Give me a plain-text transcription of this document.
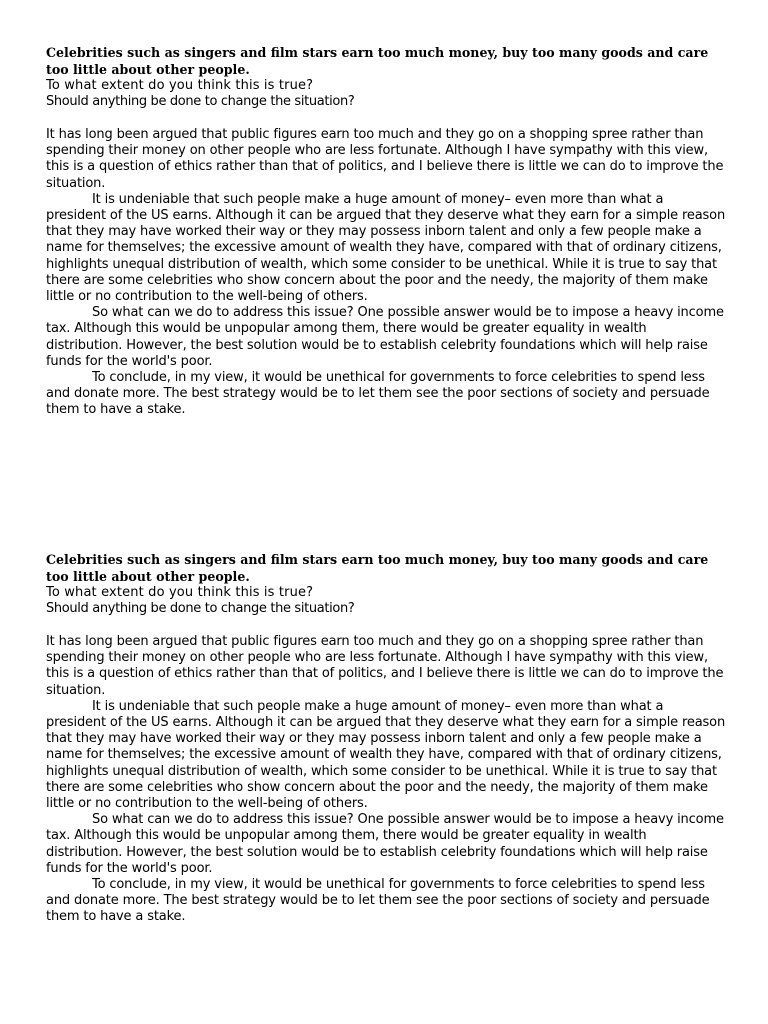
Celebrities such as singers and film stars earn too much money, buy too many goods and care too little about other people.

To what extent do you think this is true?

Should anything be done to change the situation?

It has long been argued that public figures earn too much and they go on a shopping spree rather than spending their money on other people who are less fortunate. Although I have sympathy with this view, this is a question of ethics rather than that of politics, and I believe there is little we can do to improve the situation.

It is undeniable that such people make a huge amount of money– even more than what a president of the US earns. Although it can be argued that they deserve what they earn for a simple reason that they may have worked their way or they may possess inborn talent and only a few people make a name for themselves; the excessive amount of wealth they have, compared with that of ordinary citizens, highlights unequal distribution of wealth, which some consider to be unethical. While it is true to say that there are some celebrities who show concern about the poor and the needy, the majority of them make little or no contribution to the well-being of others.

So what can we do to address this issue? One possible answer would be to impose a heavy income tax. Although this would be unpopular among them, there would be greater equality in wealth distribution. However, the best solution would be to establish celebrity foundations which will help raise funds for the world's poor.

To conclude, in my view, it would be unethical for governments to force celebrities to spend less and donate more. The best strategy would be to let them see the poor sections of society and persuade them to have a stake.

Celebrities such as singers and film stars earn too much money, buy too many goods and care too little about other people.

To what extent do you think this is true?

Should anything be done to change the situation?

It has long been argued that public figures earn too much and they go on a shopping spree rather than spending their money on other people who are less fortunate. Although I have sympathy with this view, this is a question of ethics rather than that of politics, and I believe there is little we can do to improve the situation.

It is undeniable that such people make a huge amount of money– even more than what a president of the US earns. Although it can be argued that they deserve what they earn for a simple reason that they may have worked their way or they may possess inborn talent and only a few people make a name for themselves; the excessive amount of wealth they have, compared with that of ordinary citizens, highlights unequal distribution of wealth, which some consider to be unethical. While it is true to say that there are some celebrities who show concern about the poor and the needy, the majority of them make little or no contribution to the well-being of others.

So what can we do to address this issue? One possible answer would be to impose a heavy income tax. Although this would be unpopular among them, there would be greater equality in wealth distribution. However, the best solution would be to establish celebrity foundations which will help raise funds for the world's poor.

To conclude, in my view, it would be unethical for governments to force celebrities to spend less and donate more. The best strategy would be to let them see the poor sections of society and persuade them to have a stake.
